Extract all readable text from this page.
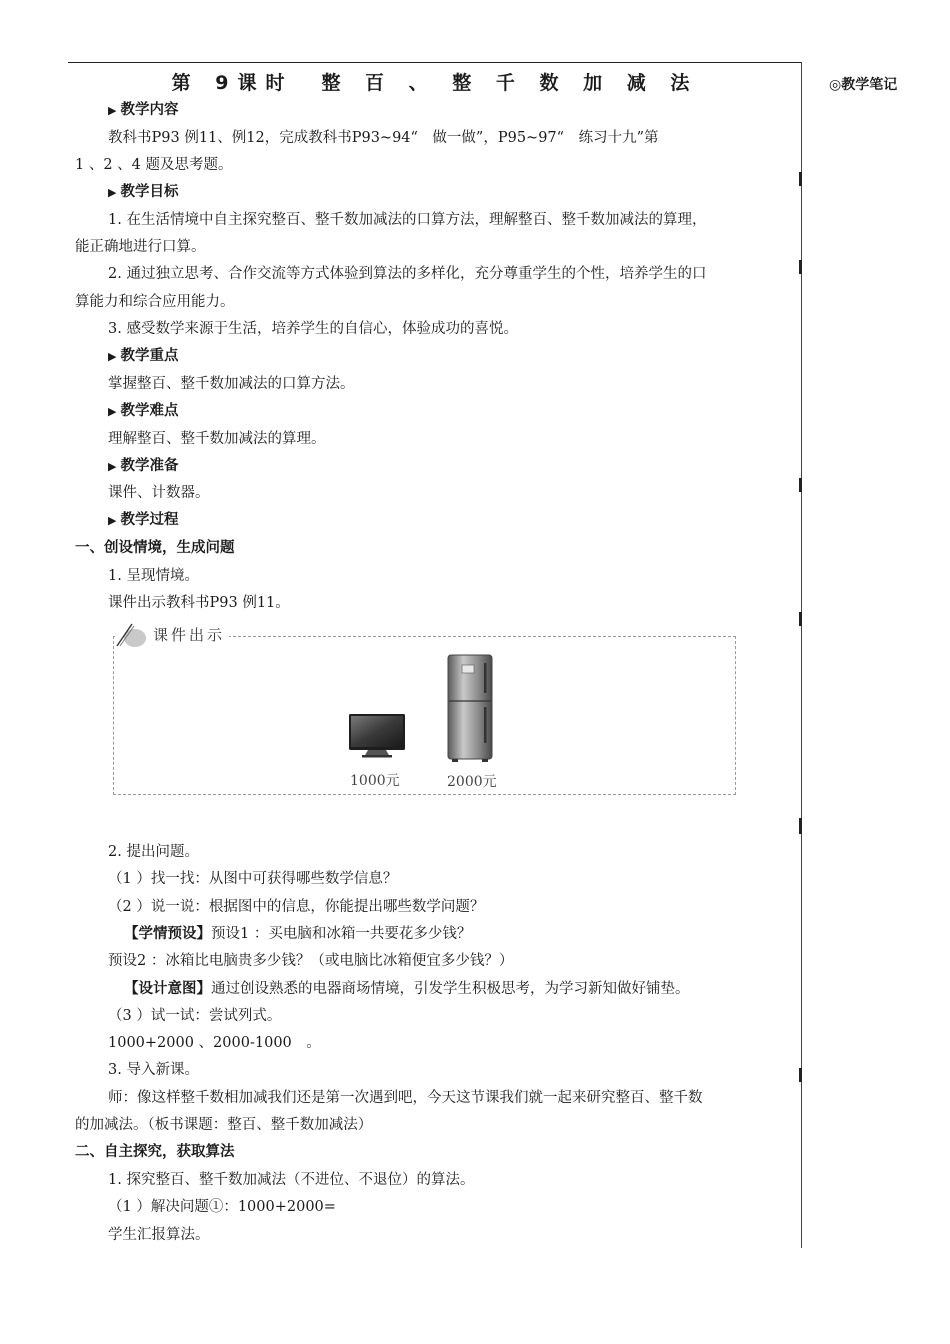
◎教学笔记
第 9课时　整 百 、 整 千 数 加 减 法
▶ 教学内容
教科书P93 例11、例12，完成教科书P93~94“　做一做”，P95~97“　练习十九”第
1 、2 、4 题及思考题。
▶ 教学目标
1. 在生活情境中自主探究整百、整千数加减法的口算方法，理解整百、整千数加减法的算理，
能正确地进行口算。
2. 通过独立思考、合作交流等方式体验到算法的多样化，充分尊重学生的个性，培养学生的口
算能力和综合应用能力。
3. 感受数学来源于生活，培养学生的自信心，体验成功的喜悦。
▶ 教学重点
掌握整百、整千数加减法的口算方法。
▶ 教学难点
理解整百、整千数加减法的算理。
▶ 教学准备
课件、计数器。
▶ 教学过程
一、创设情境，生成问题
1. 呈现情境。
课件出示教科书P93 例11。
课件出示
1000元	2000元
2. 提出问题。
（1 ）找一找：从图中可获得哪些数学信息？
（2 ）说一说：根据图中的信息，你能提出哪些数学问题？
【学情预设】预设1 ：买电脑和冰箱一共要花多少钱？
预设2 ：冰箱比电脑贵多少钱？（或电脑比冰箱便宜多少钱？）
【设计意图】通过创设熟悉的电器商场情境，引发学生积极思考，为学习新知做好铺垫。
（3 ）试一试：尝试列式。
1000+2000 、2000-1000　。
3. 导入新课。
师：像这样整千数相加减我们还是第一次遇到吧，今天这节课我们就一起来研究整百、整千数
的加减法。（板书课题：整百、整千数加减法）
二、自主探究，获取算法
1. 探究整百、整千数加减法（不进位、不退位）的算法。
（1 ）解决问题①：1000+2000=
学生汇报算法。
